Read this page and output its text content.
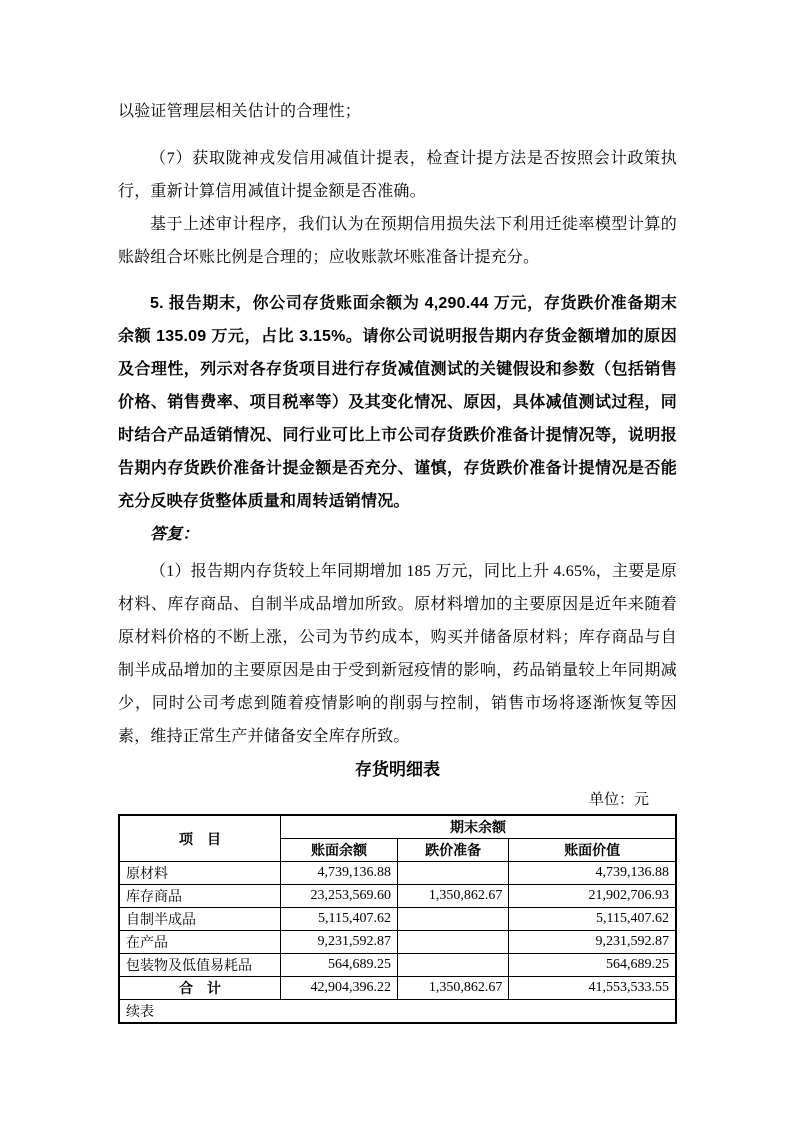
以验证管理层相关估计的合理性；

（7）获取陇神戎发信用减值计提表，检查计提方法是否按照会计政策执行，重新计算信用减值计提金额是否准确。

基于上述审计程序，我们认为在预期信用损失法下利用迁徙率模型计算的账龄组合坏账比例是合理的；应收账款坏账准备计提充分。

5. 报告期末，你公司存货账面余额为 4,290.44 万元，存货跌价准备期末余额 135.09 万元，占比 3.15%。请你公司说明报告期内存货金额增加的原因及合理性，列示对各存货项目进行存货减值测试的关键假设和参数（包括销售价格、销售费率、项目税率等）及其变化情况、原因，具体减值测试过程，同时结合产品适销情况、同行业可比上市公司存货跌价准备计提情况等，说明报告期内存货跌价准备计提金额是否充分、谨慎，存货跌价准备计提情况是否能充分反映存货整体质量和周转适销情况。

答复：

（1）报告期内存货较上年同期增加 185 万元，同比上升 4.65%，主要是原材料、库存商品、自制半成品增加所致。原材料增加的主要原因是近年来随着原材料价格的不断上涨，公司为节约成本，购买并储备原材料；库存商品与自制半成品增加的主要原因是由于受到新冠疫情的影响，药品销量较上年同期减少，同时公司考虑到随着疫情影响的削弱与控制，销售市场将逐渐恢复等因素，维持正常生产并储备安全库存所致。

存货明细表
单位：元
项　目	期末余额		
	账面余额	跌价准备	账面价值
原材料	4,739,136.88		4,739,136.88
库存商品	23,253,569.60	1,350,862.67	21,902,706.93
自制半成品	5,115,407.62		5,115,407.62
在产品	9,231,592.87		9,231,592.87
包装物及低值易耗品	564,689.25		564,689.25
合　计	42,904,396.22	1,350,862.67	41,553,533.55
续表			
